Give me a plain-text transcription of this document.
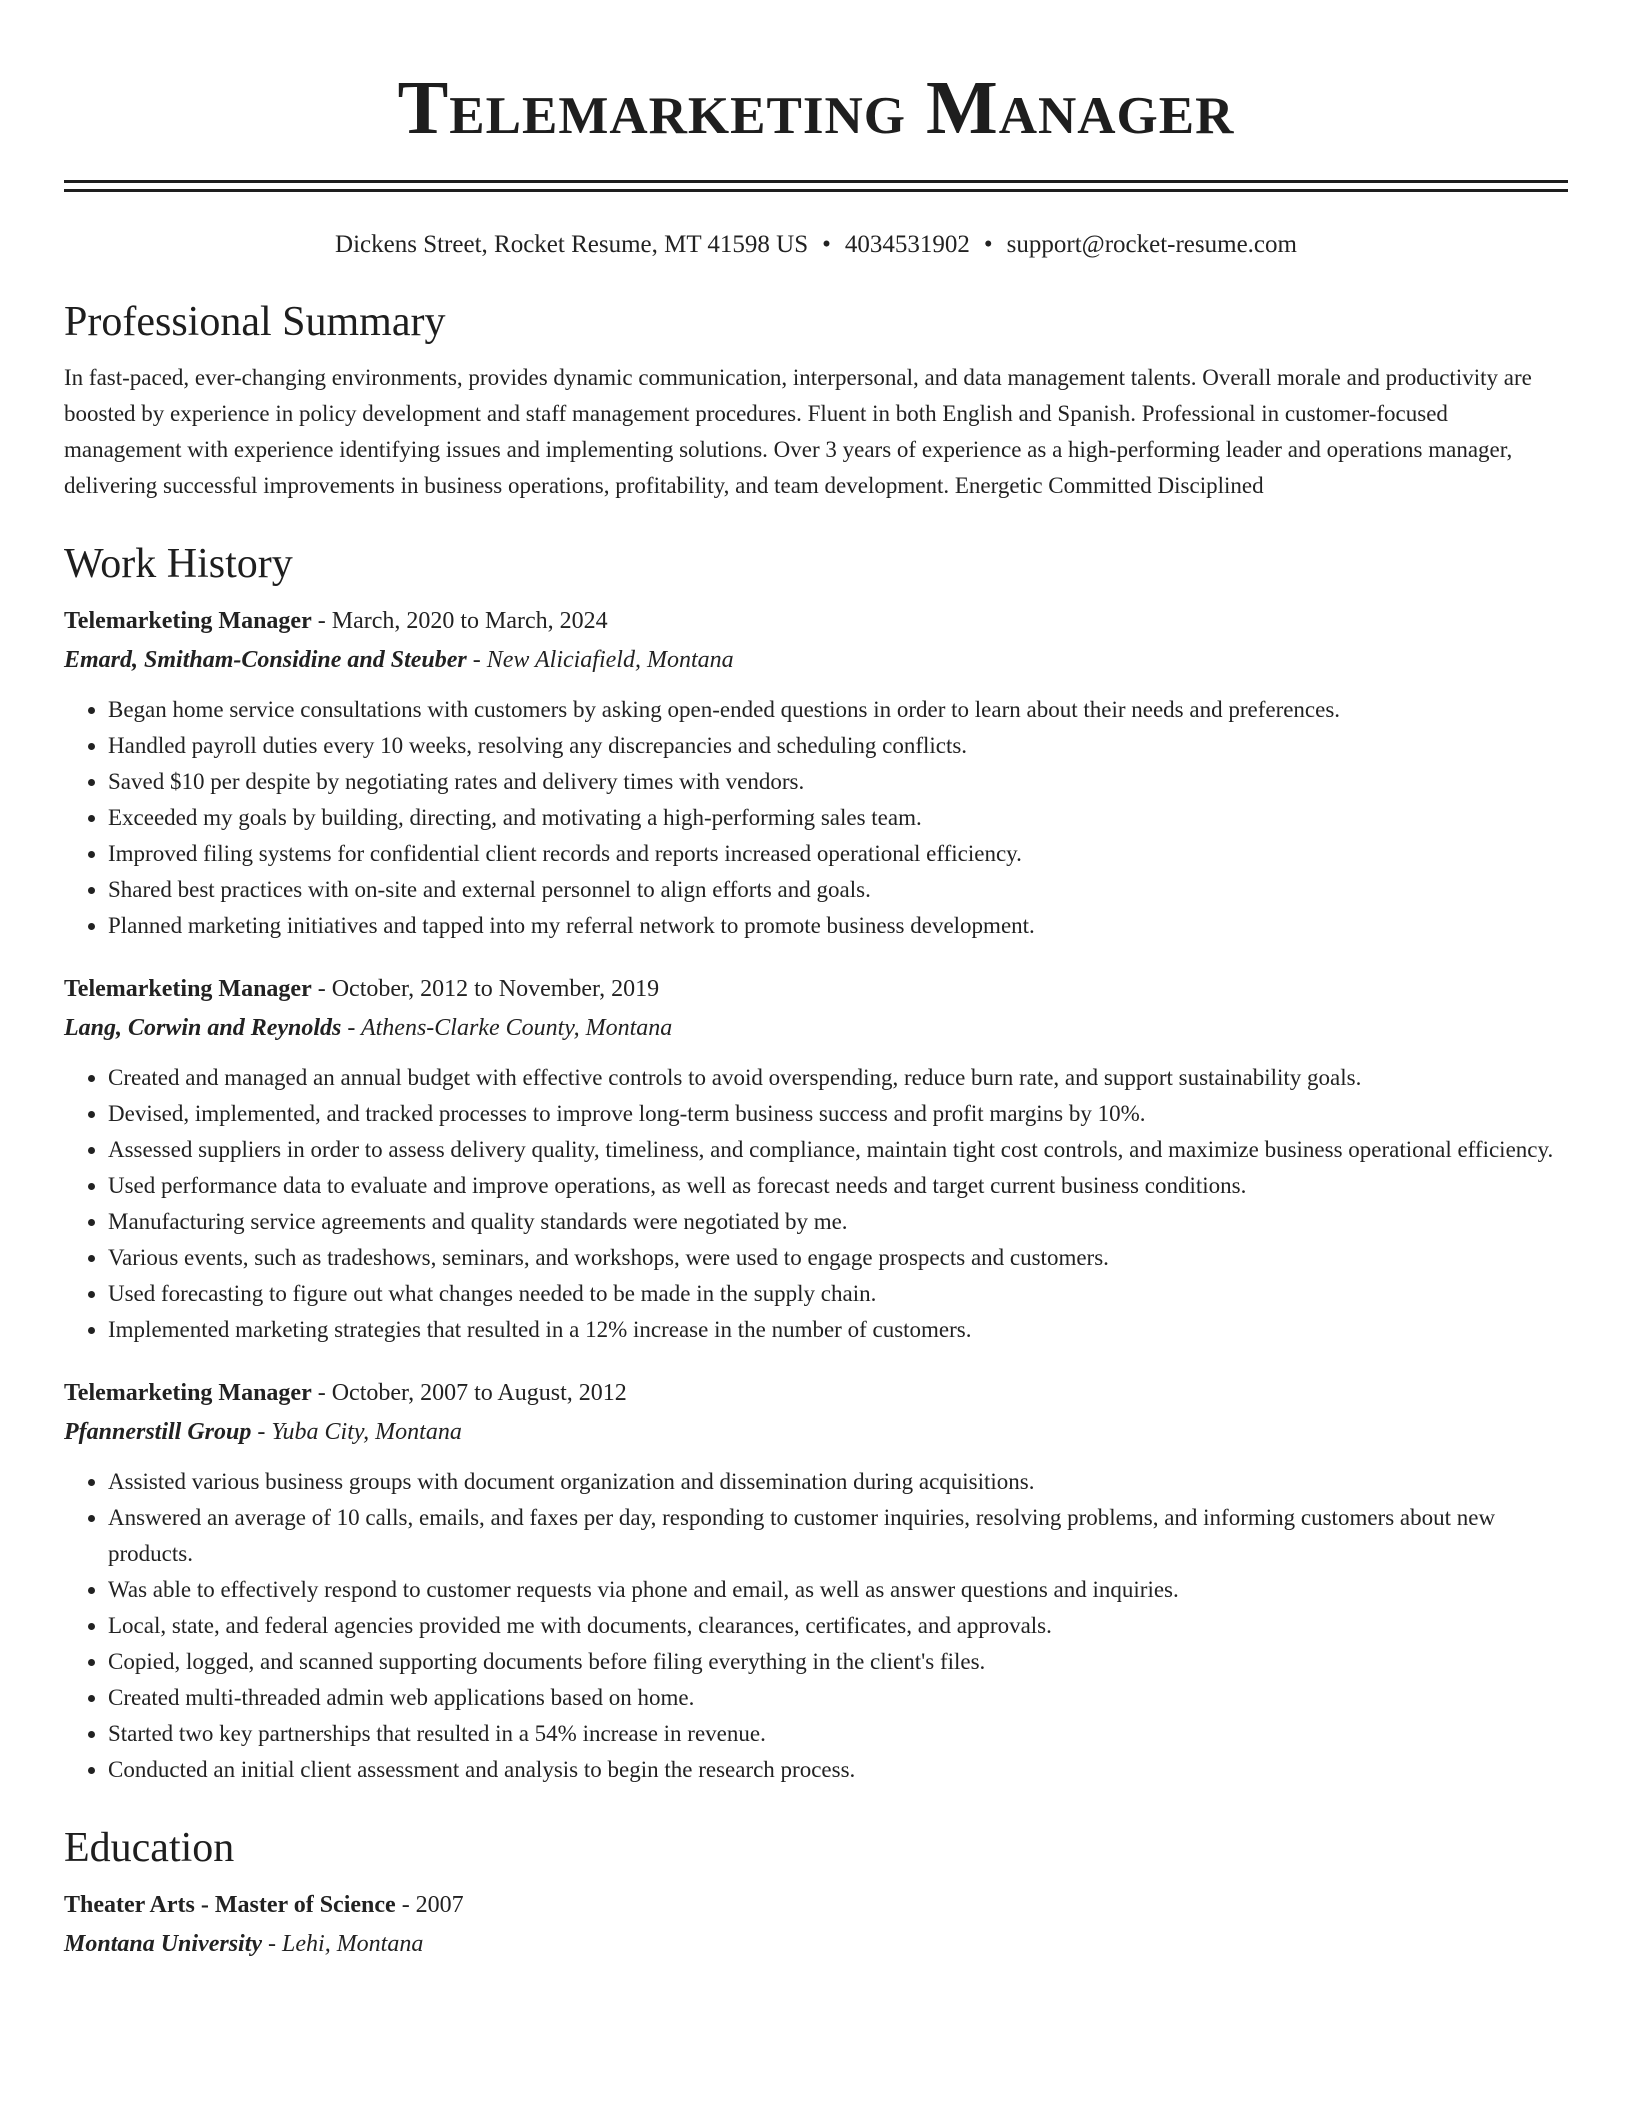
Telemarketing Manager
Dickens Street, Rocket Resume, MT 41598 US • 4034531902 • support@rocket-resume.com
Professional Summary

In fast-paced, ever-changing environments, provides dynamic communication, interpersonal, and data management talents. Overall morale and productivity are boosted by experience in policy development and staff management procedures. Fluent in both English and Spanish. Professional in customer-focused management with experience identifying issues and implementing solutions. Over 3 years of experience as a high-performing leader and operations manager, delivering successful improvements in business operations, profitability, and team development. Energetic Committed Disciplined

Work History
Telemarketing Manager - March, 2020 to March, 2024
Emard, Smitham-Considine and Steuber - New Aliciafield, Montana
• Began home service consultations with customers by asking open-ended questions in order to learn about their needs and preferences.
• Handled payroll duties every 10 weeks, resolving any discrepancies and scheduling conflicts.
• Saved $10 per despite by negotiating rates and delivery times with vendors.
• Exceeded my goals by building, directing, and motivating a high-performing sales team.
• Improved filing systems for confidential client records and reports increased operational efficiency.
• Shared best practices with on-site and external personnel to align efforts and goals.
• Planned marketing initiatives and tapped into my referral network to promote business development.
Telemarketing Manager - October, 2012 to November, 2019
Lang, Corwin and Reynolds - Athens-Clarke County, Montana
• Created and managed an annual budget with effective controls to avoid overspending, reduce burn rate, and support sustainability goals.
• Devised, implemented, and tracked processes to improve long-term business success and profit margins by 10%.
• Assessed suppliers in order to assess delivery quality, timeliness, and compliance, maintain tight cost controls, and maximize business operational efficiency.
• Used performance data to evaluate and improve operations, as well as forecast needs and target current business conditions.
• Manufacturing service agreements and quality standards were negotiated by me.
• Various events, such as tradeshows, seminars, and workshops, were used to engage prospects and customers.
• Used forecasting to figure out what changes needed to be made in the supply chain.
• Implemented marketing strategies that resulted in a 12% increase in the number of customers.
Telemarketing Manager - October, 2007 to August, 2012
Pfannerstill Group - Yuba City, Montana
• Assisted various business groups with document organization and dissemination during acquisitions.
• Answered an average of 10 calls, emails, and faxes per day, responding to customer inquiries, resolving problems, and informing customers about new products.
• Was able to effectively respond to customer requests via phone and email, as well as answer questions and inquiries.
• Local, state, and federal agencies provided me with documents, clearances, certificates, and approvals.
• Copied, logged, and scanned supporting documents before filing everything in the client's files.
• Created multi-threaded admin web applications based on home.
• Started two key partnerships that resulted in a 54% increase in revenue.
• Conducted an initial client assessment and analysis to begin the research process.
Education
Theater Arts - Master of Science - 2007
Montana University - Lehi, Montana
